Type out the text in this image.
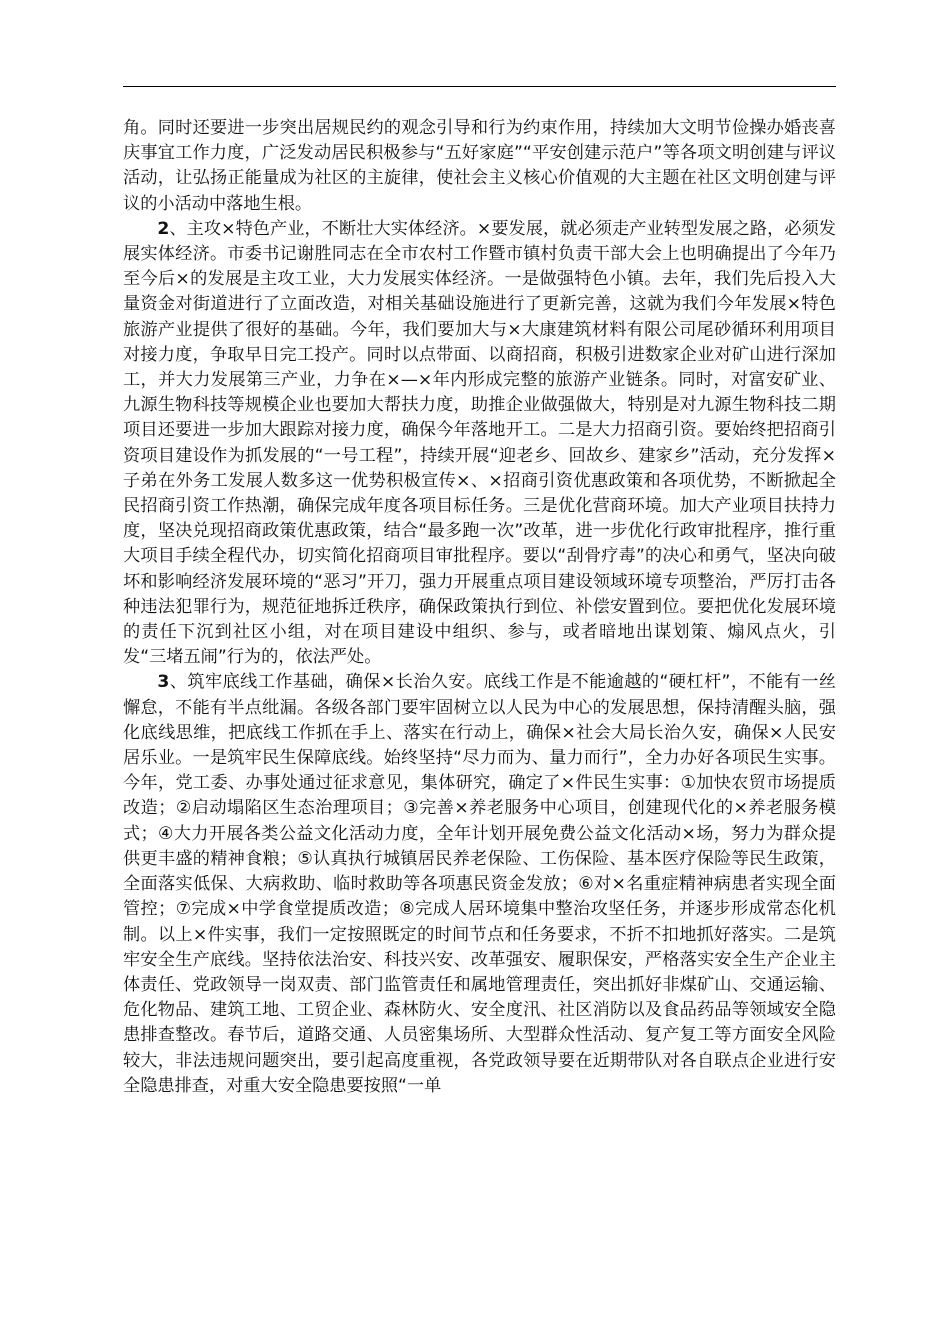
角。同时还要进一步突出居规民约的观念引导和行为约束作用，持续加大文明节俭操办婚丧喜庆事宜工作力度，广泛发动居民积极参与“五好家庭”“平安创建示范户”等各项文明创建与评议活动，让弘扬正能量成为社区的主旋律，使社会主义核心价值观的大主题在社区文明创建与评议的小活动中落地生根。

2、主攻×特色产业，不断壮大实体经济。×要发展，就必须走产业转型发展之路，必须发展实体经济。市委书记谢胜同志在全市农村工作暨市镇村负责干部大会上也明确提出了今年乃至今后×的发展是主攻工业，大力发展实体经济。一是做强特色小镇。去年，我们先后投入大量资金对街道进行了立面改造，对相关基础设施进行了更新完善，这就为我们今年发展×特色旅游产业提供了很好的基础。今年，我们要加大与×大康建筑材料有限公司尾砂循环利用项目对接力度，争取早日完工投产。同时以点带面、以商招商，积极引进数家企业对矿山进行深加工，并大力发展第三产业，力争在×—×年内形成完整的旅游产业链条。同时，对富安矿业、九源生物科技等规模企业也要加大帮扶力度，助推企业做强做大，特别是对九源生物科技二期项目还要进一步加大跟踪对接力度，确保今年落地开工。二是大力招商引资。要始终把招商引资项目建设作为抓发展的“一号工程”，持续开展“迎老乡、回故乡、建家乡”活动，充分发挥×子弟在外务工发展人数多这一优势积极宣传×、×招商引资优惠政策和各项优势，不断掀起全民招商引资工作热潮，确保完成年度各项目标任务。三是优化营商环境。加大产业项目扶持力度，坚决兑现招商政策优惠政策，结合“最多跑一次”改革，进一步优化行政审批程序，推行重大项目手续全程代办，切实简化招商项目审批程序。要以“刮骨疗毒”的决心和勇气，坚决向破坏和影响经济发展环境的“恶习”开刀，强力开展重点项目建设领域环境专项整治，严厉打击各种违法犯罪行为，规范征地拆迁秩序，确保政策执行到位、补偿安置到位。要把优化发展环境的责任下沉到社区小组，对在项目建设中组织、参与，或者暗地出谋划策、煽风点火，引发“三堵五闹”行为的，依法严处。

3、筑牢底线工作基础，确保×长治久安。底线工作是不能逾越的“硬杠杆”，不能有一丝懈怠，不能有半点纰漏。各级各部门要牢固树立以人民为中心的发展思想，保持清醒头脑，强化底线思维，把底线工作抓在手上、落实在行动上，确保×社会大局长治久安，确保×人民安居乐业。一是筑牢民生保障底线。始终坚持“尽力而为、量力而行”，全力办好各项民生实事。今年，党工委、办事处通过征求意见，集体研究，确定了×件民生实事：①加快农贸市场提质改造；②启动塌陷区生态治理项目；③完善×养老服务中心项目，创建现代化的×养老服务模式；④大力开展各类公益文化活动力度，全年计划开展免费公益文化活动×场，努力为群众提供更丰盛的精神食粮；⑤认真执行城镇居民养老保险、工伤保险、基本医疗保险等民生政策，全面落实低保、大病救助、临时救助等各项惠民资金发放；⑥对×名重症精神病患者实现全面管控；⑦完成×中学食堂提质改造；⑧完成人居环境集中整治攻坚任务，并逐步形成常态化机制。以上×件实事，我们一定按照既定的时间节点和任务要求，不折不扣地抓好落实。二是筑牢安全生产底线。坚持依法治安、科技兴安、改革强安、履职保安，严格落实安全生产企业主体责任、党政领导一岗双责、部门监管责任和属地管理责任，突出抓好非煤矿山、交通运输、危化物品、建筑工地、工贸企业、森林防火、安全度汛、社区消防以及食品药品等领域安全隐患排查整改。春节后，道路交通、人员密集场所、大型群众性活动、复产复工等方面安全风险较大，非法违规问题突出，要引起高度重视，各党政领导要在近期带队对各自联点企业进行安全隐患排查，对重大安全隐患要按照“一单
